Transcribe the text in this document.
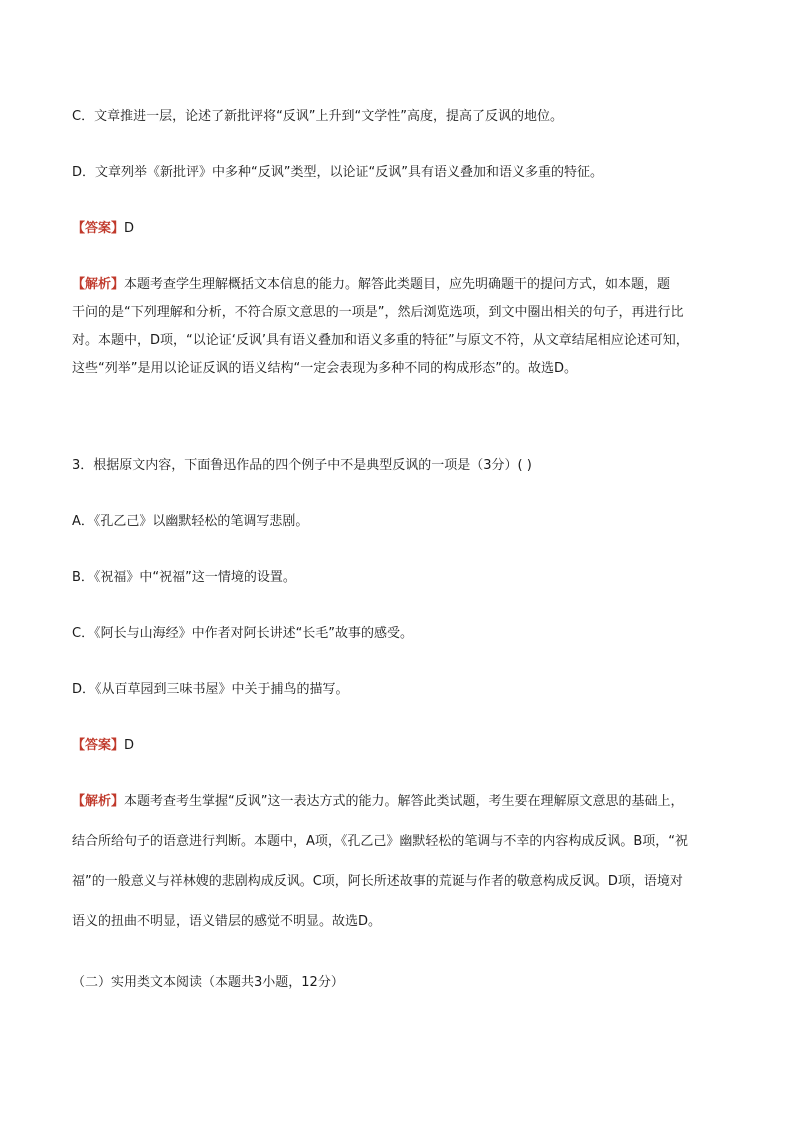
C．文章推进一层，论述了新批评将“反讽”上升到“文学性”高度，提高了反讽的地位。
D．文章列举《新批评》中多种“反讽”类型，以论证“反讽”具有语义叠加和语义多重的特征。
【答案】D
【解析】本题考查学生理解概括文本信息的能力。解答此类题目，应先明确题干的提问方式，如本题，题
干问的是“下列理解和分析，不符合原文意思的一项是”，然后浏览选项，到文中圈出相关的句子，再进行比
对。本题中，D项，“以论证‘反讽’具有语义叠加和语义多重的特征”与原文不符，从文章结尾相应论述可知，
这些“列举”是用以论证反讽的语义结构“一定会表现为多种不同的构成形态”的。故选D。
3．根据原文内容，下面鲁迅作品的四个例子中不是典型反讽的一项是（3分）( )
A．《孔乙己》以幽默轻松的笔调写悲剧。
B．《祝福》中“祝福”这一情境的设置。
C．《阿长与山海经》中作者对阿长讲述“长毛”故事的感受。
D．《从百草园到三味书屋》中关于捕鸟的描写。
【答案】D
【解析】本题考查考生掌握“反讽”这一表达方式的能力。解答此类试题，考生要在理解原文意思的基础上，
结合所给句子的语意进行判断。本题中，A项，《孔乙己》幽默轻松的笔调与不幸的内容构成反讽。B项，“祝
福”的一般意义与祥林嫂的悲剧构成反讽。C项，阿长所述故事的荒诞与作者的敬意构成反讽。D项，语境对
语义的扭曲不明显，语义错层的感觉不明显。故选D。
（二）实用类文本阅读（本题共3小题，12分）
